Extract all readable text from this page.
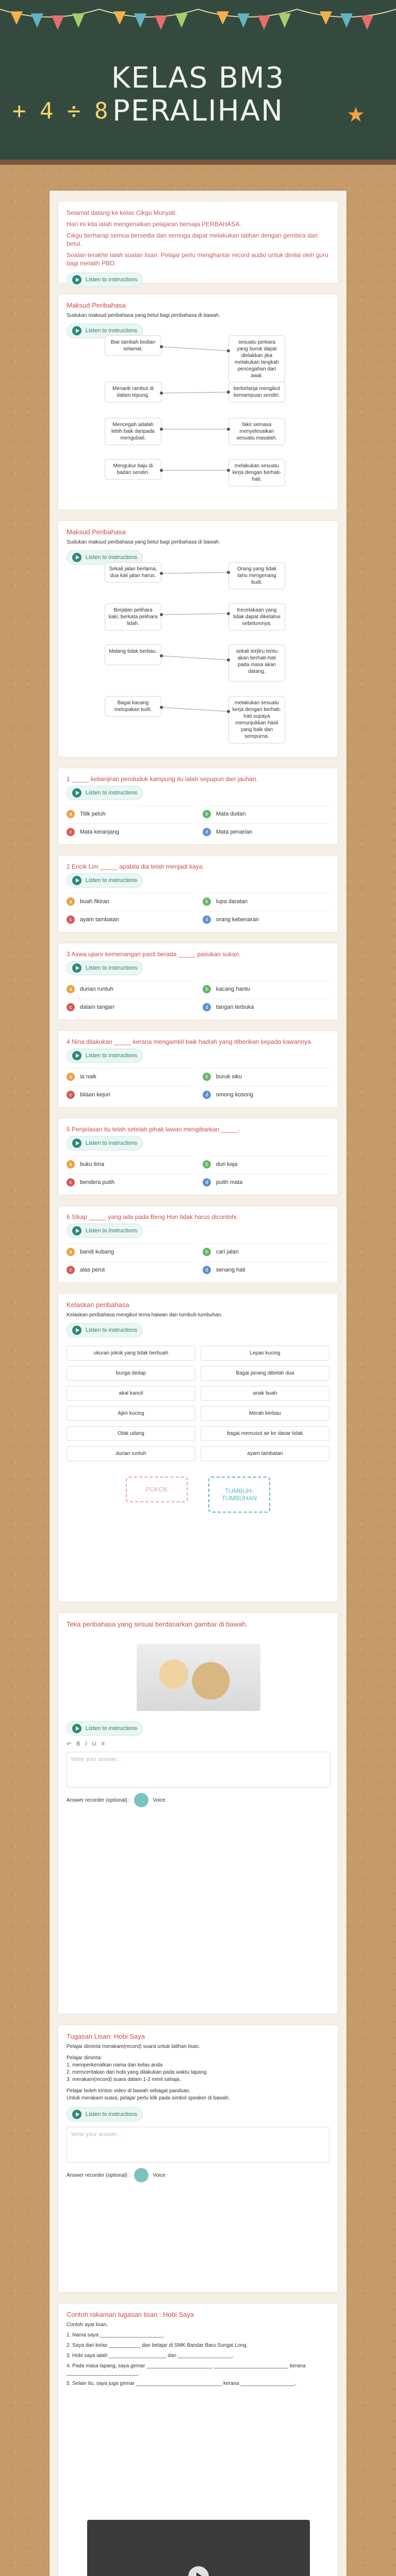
KELAS BM3
PERALIHAN
+ 4 ÷ 8	★

Selamat datang ke kelas Cikgu Munyati.

Hari ini kita ialah mengenalkan pelajaran bersaja PERBAHASA.

Cikgu berharap semua bersedia dan semoga dapat melakukan latihan dengan gembira dan betul.

Soalan terakhir ialah soalan lisan. Pelajar perlu menghantar record audio untuk dinilai oleh guru bagi melatih PBD.

Listen to instructions
Maksud Peribahasa
Sudukan maksud peribahasa yang betul bagi peribahasa di bawah.
Listen to instructions
Biar tambah bodian selamat.
sesuatu perkara yang buruk dapat dielakkan jika melakukan langkah pencegahan dari awal.
Menarik rambut di dalam tepung.
berbelanja mengikut kemampuan sendiri.
Mencegah adalah lebih baik daripada mengubati.
fakir semasa menyelesaikan sesuatu masalah.
Mengukur baju di badan sendiri.
melakukan sesuatu kerja dengan berhati-hati.
Maksud Peribahasa
Sudukan maksud peribahasa yang betul bagi peribahasa di bawah.
Listen to instructions
Sekali jalan berlama, dua kali jalan harus.
Orang yang tidak tahu mengenang budi.
Berjalan pelihara kaki, berkata pelihara lidah.
Kecelakaan yang tidak dapat diketahui sebelumnya.
Malang tidak berbau.	sekali terjliru tentu akan berhati-hati pada masa akan datang.
Bagai kacang melupakan kulit.
melakukan sesuatu kerja dengan berhati-hati supaya menunjukkan hasil yang baik dan sempurna.
1 _____ kebanjiran penduduk kampung itu ialah sepupun dari jauhan.
Listen to instructions
a	Titik peluh	b	Mata duitan
c	Mata keranjang	d	Mata penarian
2 Encik Lim _____ apabila dia telah menjadi kaya.
Listen to instructions
a	buah fikiran	b	lupa daratan
c	ayam tambatan	d	orang kebenaran
3 Aswa ujianr kemenangan pasti berada _____ pasukan sukan.
Listen to instructions
a	durian runtuh	b	kacang hantu
c	dalam tangan	d	tangan terbuka
4 Nina dilakukan _____ kerana mengambil baik hadiah yang diberikan kepada kawannya.
Listen to instructions
a	ia naik	b	buruk siku
c	bilaan kejuri	d	omong kosong
5 Penjelasan itu telah setelah pihak lawan mengibarkan _____.
Listen to instructions
a	buku lima	b	duri kaja
c	bendera putih	d	putih mata
6 Sikap _____ yang ada pada Beng Hon tidak harus dicontohi.
Listen to instructions
a	bandi kubang	b	cari jalan
c	alas perut	d	senang hati
Kelaskan peribahasa
Kelaskan peribahasa mengikut tema haiwan dan tumbuh-tumbuhan.
Listen to instructions
ukuran jokok yang tidak berbuah	Lepas kucing
bunga dedap	Bagai pinang dibelah dua
akal kancil	anak buah
Ajim kucing	Merah kerbau
Otak udang	bagai memusut air ke dasar tidak
durian runtuh	ayam tambatan
POKOK	TUMBUH- TUMBUHAN
Teka peribahasa yang sesuai berdasarkan gambar di bawah.
Listen to instructions
↶ B I U ≡
Write your answer...
Answer recorder (optional) :	Voice
Tugasan Lisan: Hobi Saya
Pelajar diminta merakam(record) suara untuk latihan lisan.
Pelajar diminta:
1. memperkenalkan nama dan kelas anda
2. memceritakan dari hobi yang dilakukan pada waktu lapang.
3. merakam(record) suara dalam 1-2 minit sahaja.
Pelajar boleh tonton video di bawah sebagai panduan.
Untuk merakam suara, pelajar perlu klik pada simbol speaker di bawah.
Listen to instructions
Write your answer...
Answer recorder (optional) :	Voice
Contoh rakaman tugasan lisan : Hobi Saya
Contoh ayat lisan,
1. Nama saya ______________________.
2. Saya dari kelas ___________ dan belajar di SMK Bandar Baru Sungai Long.
3. Hobi saya ialah ____________________ dan ___________________.
4. Pada masa lapang, saya gemar _______________________ __________________________ kerana _________________________.
5. Selain itu, saya juga gemar ______________________________ kerana ___________________.
